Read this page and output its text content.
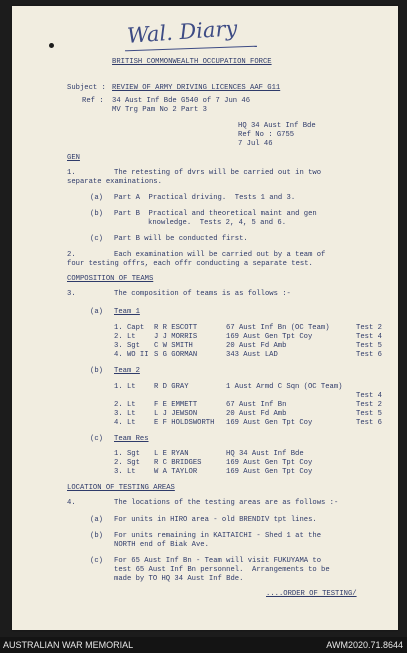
Wal. Diary
BRITISH COMMONWEALTH OCCUPATION FORCE
Subject : REVIEW OF ARMY DRIVING LICENCES AAF G11
Ref : 34 Aust Inf Bde G540 of 7 Jun 46
MV Trg Pam No 2 Part 3
HQ 34 Aust Inf Bde
Ref No : G755
7 Jul 46
GEN
1.	The retesting of dvrs will be carried out in two
separate examinations.
(a) Part A  Practical driving.  Tests 1 and 3.
(b) Part B  Practical and theoretical maint and gen
knowledge.  Tests 2, 4, 5 and 6.
(c) Part B will be conducted first.
2.	Each examination will be carried out by a team of
four testing offrs, each offr conducting a separate test.
COMPOSITION OF TEAMS
3.	The composition of teams is as follows :-
(a) Team 1
1. Capt R R ESCOTT	67 Aust Inf Bn (OC Team)	Test 2
2. Lt	J J MORRIS	169 Aust Gen Tpt Coy	Test 4
3. Sgt C W SMITH	20 Aust Fd Amb	Test 5
4. WO II S G GORMAN	343 Aust LAD	Test 6
(b) Team 2
1. Lt	R D GRAY	1 Aust Armd C Sqn (OC Team)
Test 4
2. Lt	F E EMMETT	67 Aust Inf Bn	Test 2
3. Lt	L J JEWSON	20 Aust Fd Amb	Test 5
4. Lt	E F HOLDSWORTH 169 Aust Gen Tpt Coy	Test 6
(c) Team Res
1. Sgt L E RYAN	HQ 34 Aust Inf Bde
2. Sgt R C BRIDGES	169 Aust Gen Tpt Coy
3. Lt	W A TAYLOR	169 Aust Gen Tpt Coy
LOCATION OF TESTING AREAS
4.	The locations of the testing areas are as follows :-
(a) For units in HIRO area - old BRENDIV tpt lines.
(b) For units remaining in KAITAICHI - Shed 1 at the
NORTH end of Biak Ave.
(c) For 65 Aust Inf Bn - Team will visit FUKUYAMA to
test 65 Aust Inf Bn personnel.  Arrangements to be
made by TO HQ 34 Aust Inf Bde.
....ORDER OF TESTING/
AUSTRALIAN WAR MEMORIAL	AWM2020.71.8644
